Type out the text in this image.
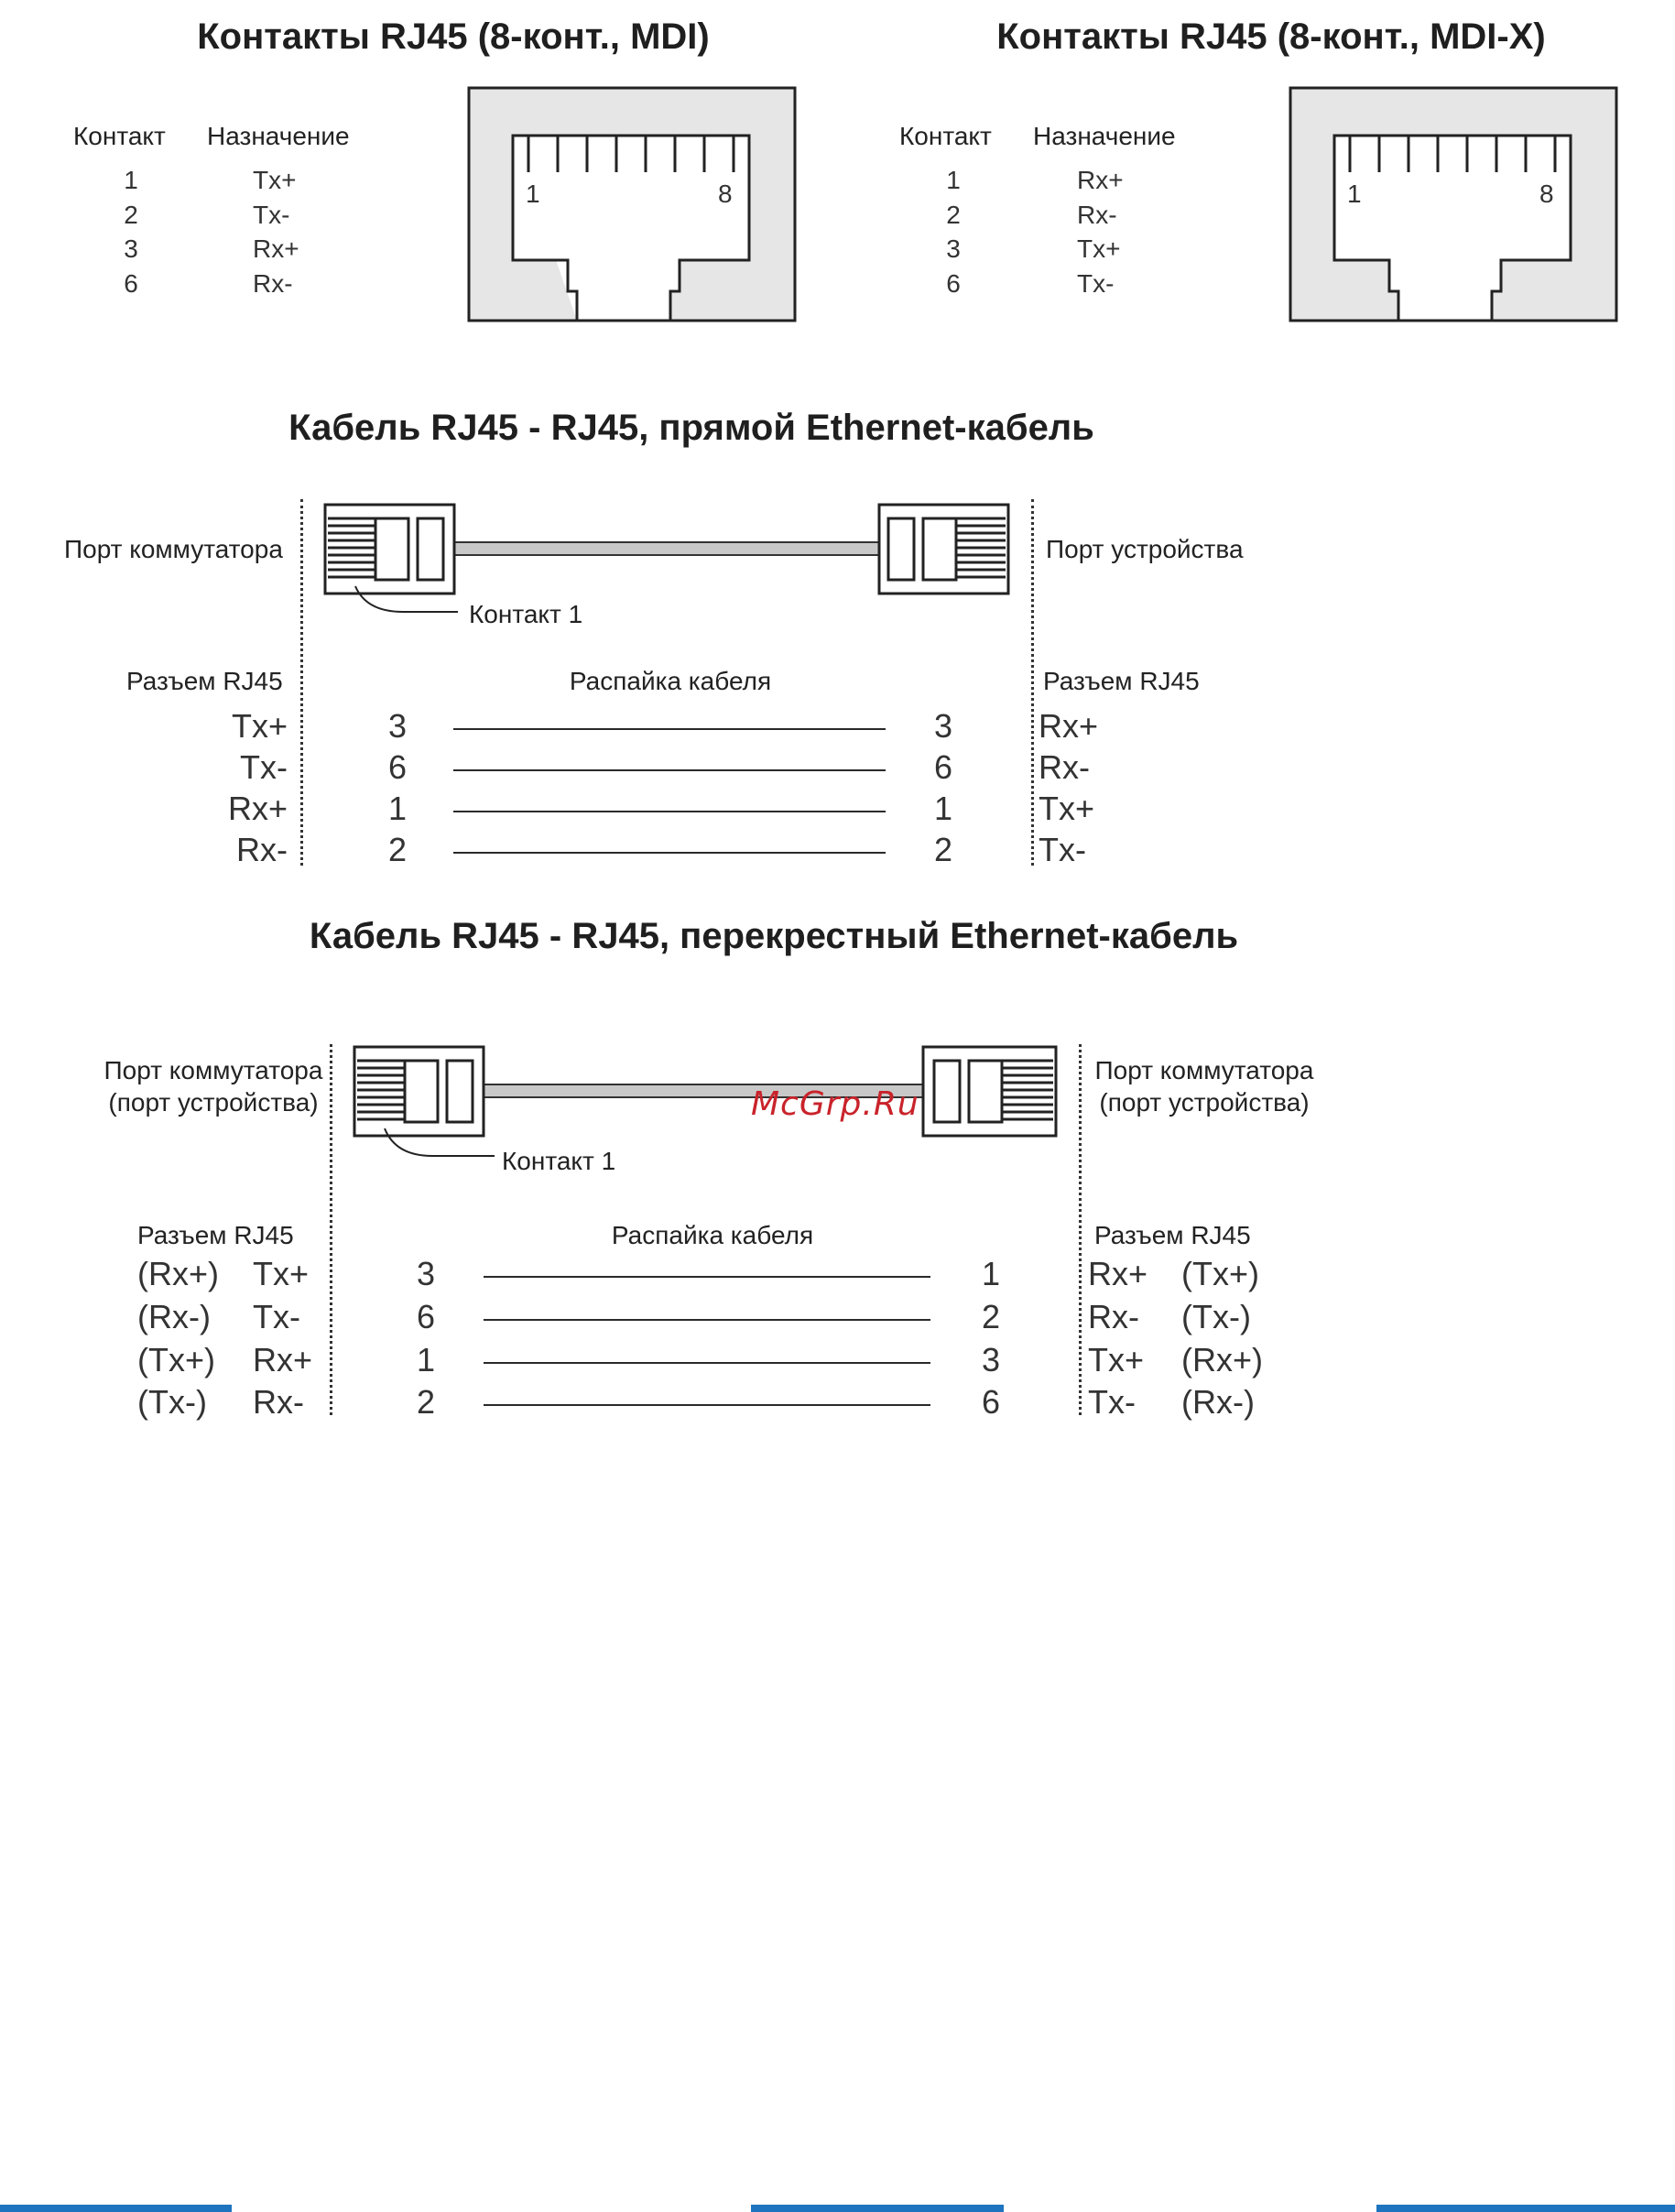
Контакты RJ45 (8-конт., MDI)
Контакт Назначение
1	Tx+
2	Tx-
3	Rx+
6	Rx-
Контакты RJ45 (8-конт., MDI-X)
Контакт Назначение
1	Rx+
2	Rx-
3	Tx+
6	Tx-
1	8	1	8
Кабель RJ45 - RJ45, прямой Ethernet-кабель
Порт коммутатора	Порт устройства
Контакт 1
Разъем RJ45	Распайка кабеля	Разъем RJ45
Tx+	3	3	Rx+
Tx-	6	6	Rx-
Rx+	1	1	Tx+
Rx-	2	2	Tx-
Кабель RJ45 - RJ45, перекрестный Ethernet-кабель
Порт коммутатора
(порт устройства)
Порт коммутатора
(порт устройства)
Контакт 1
McGrp.Ru
Разъем RJ45	Распайка кабеля	Разъем RJ45
(Rx+) Tx+	3	1	Rx+ (Tx+)
(Rx-) Tx-	6	2	Rx- (Tx-)
(Tx+) Rx+	1	3	Tx+ (Rx+)
(Tx-) Rx-	2	6	Tx- (Rx-)
